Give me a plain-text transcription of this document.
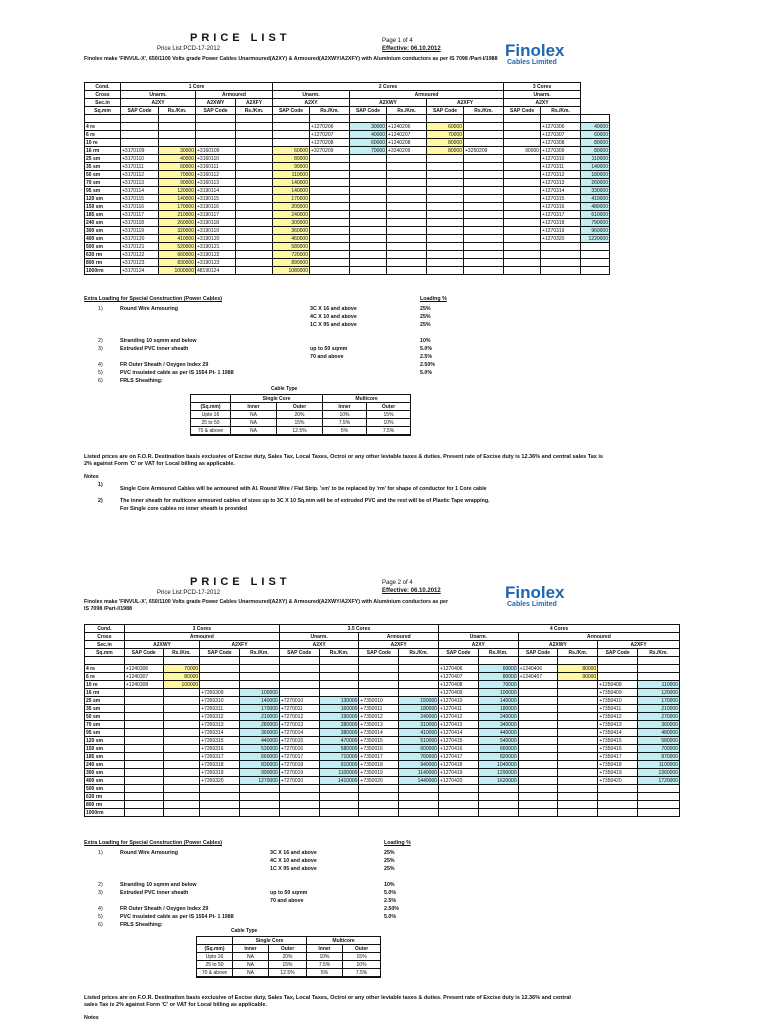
PRICE LIST
Price List:PCD-17-2012
Page 1 of 4
Effective: 06.10.2012	Finolex
Cables Limited
Finolex make 'FINVUL-X', 650/1100 Volts grade Power Cables Unarmoured(A2XY) & Armoured(A2XWY/A2XFY) with Aluminium conductors as per IS 7098 /Part-I/1988
Cond.	1 Core				2 Cores						3 Cores		
Cross	Unarm.		Armoured		Unarm.		Armoured				Unarm.		
Sec.in	A2XY		A2XWY	A2XFY	A2XY		A2XWY		A2XFY		A2XY		
Sq.mm	SAP Code	Rs./Km.	SAP Code	Rs./Km.	SAP Code	Rs./Km.	SAP Code	Rs./Km.	SAP Code	Rs./Km.	SAP Code	Rs./Km.	

4 re						+1270206	30000	+1240206	60000			+1270306	40000
6 re						+1270207	40000	+1240207	70000			+1270307	60000
10 re						+1270208	60000	+1240208	80000			+1270308	80000
16 rm	+3170109	30000	+3160109		60000	+3270209	70000	+3240209	80000	+3250209	90000	+1270309	80000
25 sm	+3170110	40000	+3160110		80000							+1270310	110000
35 sm	+3170111	60000	+3160111		90000							+1270311	140000
50 sm	+3170112	70000	+3160112		110000							+1270312	180000
70 sm	+3170113	90000	+3160113		140000							+1270313	260000
95 sm	+3170114	120000	+3190114		140000							+1270314	330000
120 sm	+3170115	140000	+3190115		170000							+1270315	410000
150 sm	+3170116	170000	+3190116		200000							+1270316	480000
185 sm	+3170117	210000	+3190117		240000							+1270317	610000
240 sm	+3170118	260000	+3190118		300000							+1270318	790000
300 sm	+3170119	320000	+3190119		360000							+1270319	960000
400 sm	+3170120	410000	+3190120		460000							+1270320	1220000
500 sm	+3170121	520000	+3190121		580000								
630 rm	+3170122	660000	+3190122		720000								
800 rm	+3170123	830000	+3190123		890000								
1000rm	+3170124	1000000	48190124		1080000								
Extra Loading for Special Construction (Power Cables)	Loading %
1)	Round Wire Armouring	3C X 16 and above	25%
4C X 10 and above	25%
1C X 95 and above	25%
2)	Stranding 10 sqmm and below	10%
3)	Extruded PVC inner sheath	up to 50 sqmm	5.0%
70 and above	2.5%
4)	FR Outer Sheath / Oxygen Index 29	2.50%
5)	PVC insulated cable as per IS 1554 Pt- 1 1988	5.0%
6)	FRLS Sheathing:
Cable Type
	Single Core		Multicore	
(Sq.mm)	Inner	Outer	Inner	Outer
Upto 16	NA	20%	10%	15%
25 to 50	NA	15%	7.5%	10%
70 & above	NA	12.5%	5%	7.5%
Listed prices are on F.O.R. Destination basis exclusive of Excise duty, Sales Tax, Local Taxes, Octroi or any other leviable taxes & duties. Present rate of Excise duty is 12.36% and central sales Tax is 2% against Form 'C' or VAT for Local billing as applicable.
Notes
1)
Single Core Armoured Cables will be armoured with Al. Round Wire / Flat Strip. 'sm' to be replaced by 'rm' for shape of conductor for 1 Core cable
2)	The inner sheath for multicore armoured cables of sizes up to 3C X 10 Sq.mm will be of extruded PVC and the rest will be of Plastic Tape wrapping.
For Single core cables no inner sheath is provided
PRICE LIST
Price List:PCD-17-2012
Page 2 of 4
Effective: 06.10.2012	Finolex
Cables Limited
Finolex make 'FINVUL-X', 650/1100 Volts grade Power Cables Unarmoured(A2XY) & Armoured(A2XWY/A2XFY) with Aluminium conductors as per IS 7098 /Part-I/1988
Cond.	3 Cores				3.5 Cores				4 Cores					
Cross	Armoured				Unarm.		Armoured		Unarm.		Armoured			
Sec.in	A2XWY		A2XFY		A2XY		A2XFY		A2XY		A2XWY		A2XFY	
Sq.mm	SAP Code	Rs./Km.	SAP Code	Rs./Km.	SAP Code	Rs./Km.	SAP Code	Rs./Km.	SAP Code	Rs./Km.	SAP Code	Rs./Km.	SAP Code	Rs./Km.

4 re	+1240306	70000							+1270406	60000	+1240406	80000		
6 re	+1240307	80000							+1270407	80000	+1240407	90000		
10 re	+1240308	100000							+1270408	70000			+1250408	110000
16 rm			+7350309	100000					+1270409	100000			+7350409	120000
25 sm			+7350310	140000	+7270010	130000	+7350010	150000	+1270410	140000			+7350410	170000
35 sm			+7350311	170000	+7270011	160000	+7350011	180000	+1270411	180000			+7350411	210000
50 sm			+7350312	210000	+7270012	190000	+7350012	240000	+1270412	240000			+7350412	270000
70 sm			+7350313	280000	+7270013	280000	+7350013	310000	+1270413	340000			+7350413	360000
95 sm			+7350314	360000	+7270014	380000	+7350014	410000	+1270414	440000			+7350414	480000
120 sm			+7350315	440000	+7270015	470000	+7350015	510000	+1270415	540000			+7350415	580000
150 sm			+7350316	530000	+7270016	580000	+7350016	600000	+1270416	660000			+7350416	700000
185 sm			+7350317	660000	+7270017	710000	+7350017	760000	+1270417	820000			+7350417	870000
240 sm			+7350318	830000	+7270018	910000	+7350018	940000	+1270418	1040000			+7350418	1100000
300 sm			+7350319	990000	+7270019	1100000	+7350019	1140000	+1270419	1290000			+7350419	1360000
400 sm			+7350320	1270000	+7270020	1410000	+7350020	1440000	+1270420	1620000			+7350420	1720000
500 sm														
630 rm														
800 rm														
1000rm														
Extra Loading for Special Construction (Power Cables)	Loading %
1)	Round Wire Armouring	3C X 16 and above	25%
4C X 10 and above	25%
1C X 95 and above	25%
2)	Stranding 10 sqmm and below	10%
3)	Extruded PVC inner sheath	up to 50 sqmm	5.0%
70 and above	2.5%
4)	FR Outer Sheath / Oxygen Index 29	2.50%
5)	PVC insulated cable as per IS 1554 Pt- 1 1988	5.0%
6)	FRLS Sheathing:
Cable Type
	Single Core		Multicore	
(Sq.mm)	Inner	Outer	Inner	Outer
Upto 16	NA	20%	10%	15%
25 to 50	NA	15%	7.5%	10%
70 & above	NA	12.5%	5%	7.5%
Listed prices are on F.O.R. Destination basis exclusive of Excise duty, Sales Tax, Local Taxes, Octroi or any other leviable taxes & duties. Present rate of Excise duty is 12.36% and central sales Tax is 2% against Form 'C' or VAT for Local billing as applicable.
Notes
